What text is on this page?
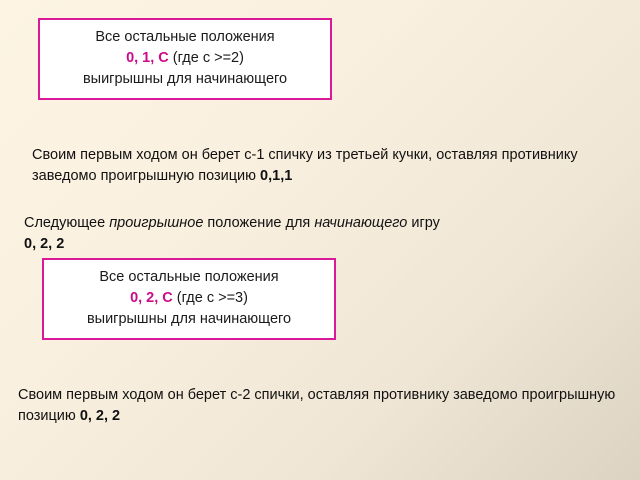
Все остальные положения
0, 1, С (где с >=2)
выигрышны для начинающего

Своим первым ходом он берет с-1 спичку из третьей кучки, оставляя противнику заведомо проигрышную позицию 0,1,1

Следующее проигрышное положение для начинающего игру
0, 2, 2

Все остальные положения
0, 2, С (где с >=3)
выигрышны для начинающего

Своим первым ходом он берет с-2 спички, оставляя противнику заведомо проигрышную позицию 0, 2, 2
